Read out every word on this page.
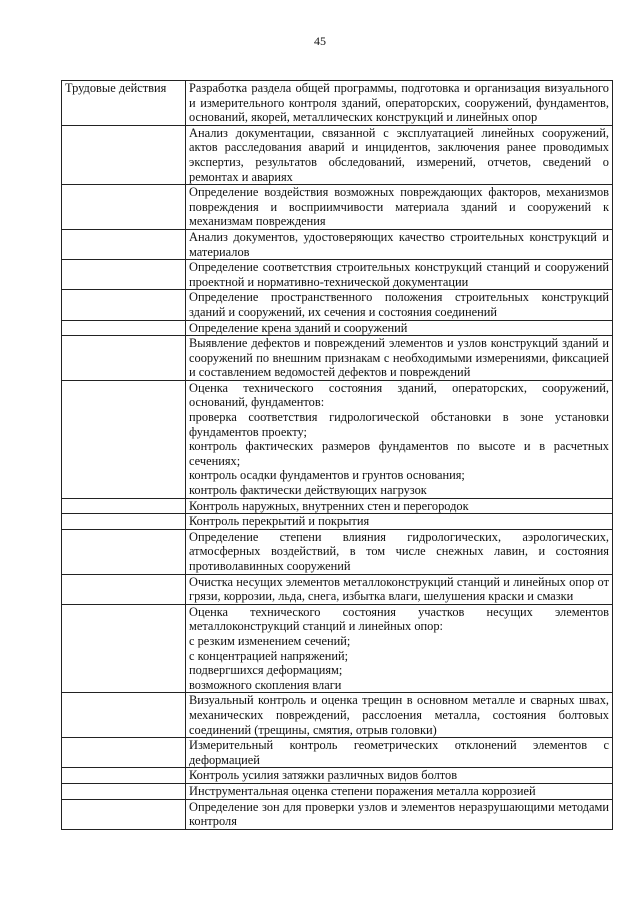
45
Трудовые действия	Разработка раздела общей программы, подготовка и организация визуального и измерительного контроля зданий, операторских, сооружений, фундаментов, оснований, якорей, металлических конструкций и линейных опор

	Анализ документации, связанной с эксплуатацией линейных сооружений, актов расследования аварий и инцидентов, заключения ранее проводимых экспертиз, результатов обследований, измерений, отчетов, сведений о ремонтах и авариях

	Определение воздействия возможных повреждающих факторов, механизмов повреждения и восприимчивости материала зданий и сооружений к механизмам повреждения

	Анализ документов, удостоверяющих качество строительных конструкций и материалов

	Определение соответствия строительных конструкций станций и сооружений проектной и нормативно-технической документации

	Определение пространственного положения строительных конструкций зданий и сооружений, их сечения и состояния соединений

	Определение крена зданий и сооружений

	Выявление дефектов и повреждений элементов и узлов конструкций зданий и сооружений по внешним признакам с необходимыми измерениями, фиксацией и составлением ведомостей дефектов и повреждений

	Оценка технического состояния зданий, операторских, сооружений, оснований, фундаментов:
проверка соответствия гидрологической обстановки в зоне установки фундаментов проекту;
контроль фактических размеров фундаментов по высоте и в расчетных сечениях;
контроль осадки фундаментов и грунтов основания;
контроль фактически действующих нагрузок

	Контроль наружных, внутренних стен и перегородок

	Контроль перекрытий и покрытия

	Определение степени влияния гидрологических, аэрологических, атмосферных воздействий, в том числе снежных лавин, и состояния противолавинных сооружений

	Очистка несущих элементов металлоконструкций станций и линейных опор от грязи, коррозии, льда, снега, избытка влаги, шелушения краски и смазки

	Оценка технического состояния участков несущих элементов металлоконструкций станций и линейных опор:
с резким изменением сечений;
с концентрацией напряжений;
подвергшихся деформациям;
возможного скопления влаги

	Визуальный контроль и оценка трещин в основном металле и сварных швах, механических повреждений, расслоения металла, состояния болтовых соединений (трещины, смятия, отрыв головки)

	Измерительный контроль геометрических отклонений элементов с деформацией

	Контроль усилия затяжки различных видов болтов

	Инструментальная оценка степени поражения металла коррозией

	Определение зон для проверки узлов и элементов неразрушающими методами контроля
